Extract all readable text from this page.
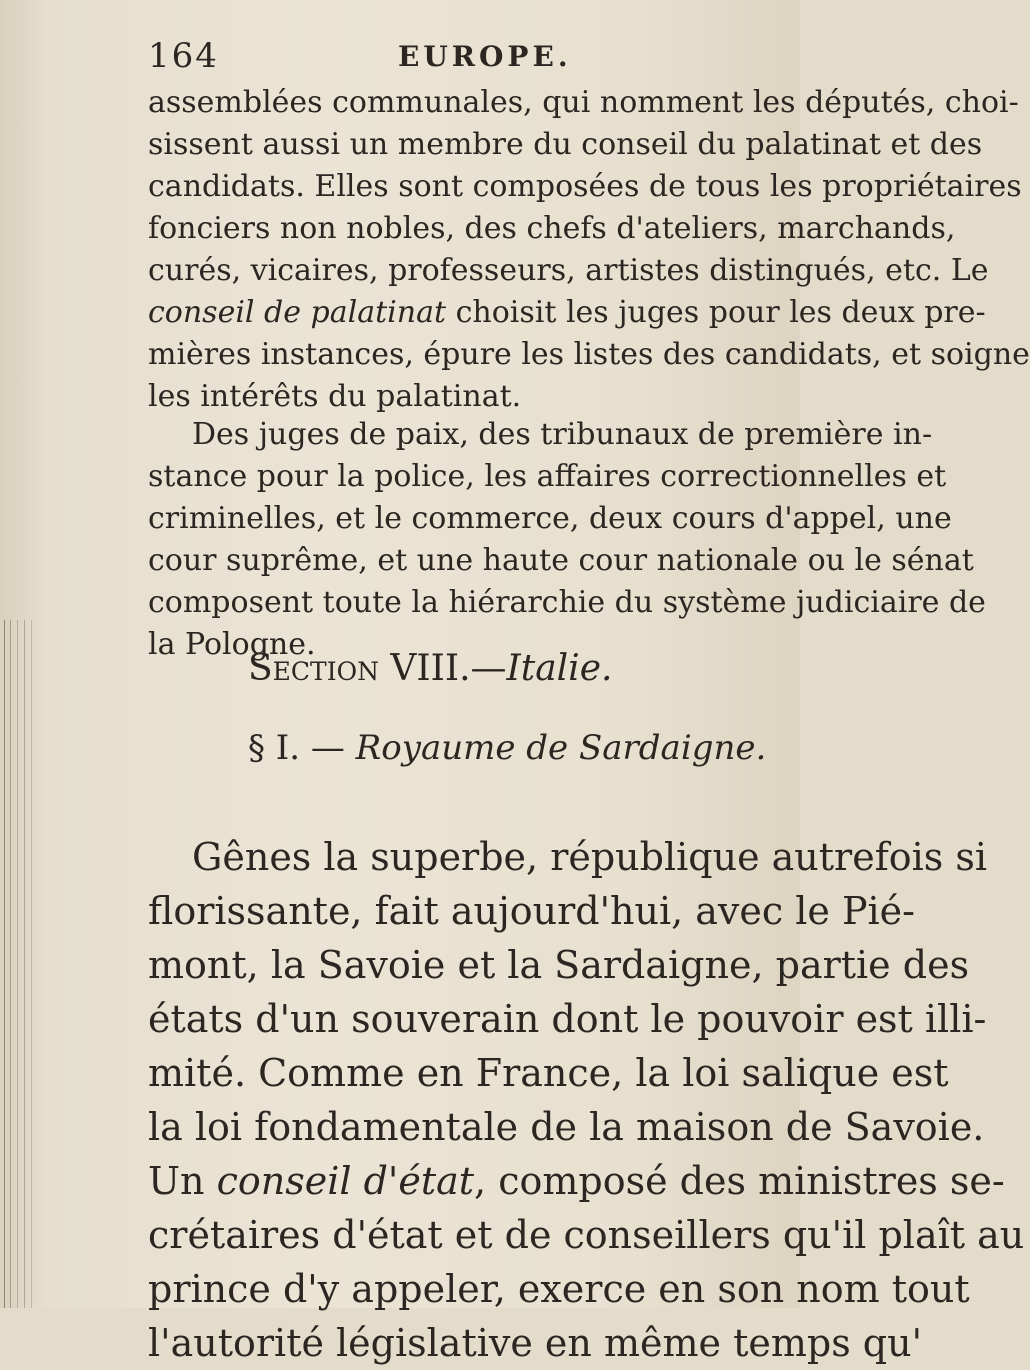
164	EUROPE.
assemblées communales, qui nomment les députés, choi-
sissent aussi un membre du conseil du palatinat et des
candidats. Elles sont composées de tous les propriétaires
fonciers non nobles, des chefs d'ateliers, marchands,
curés, vicaires, professeurs, artistes distingués, etc. Le
conseil de palatinat choisit les juges pour les deux pre-
mières instances, épure les listes des candidats, et soigne
les intérêts du palatinat.
Des juges de paix, des tribunaux de première in-
stance pour la police, les affaires correctionnelles et
criminelles, et le commerce, deux cours d'appel, une
cour suprême, et une haute cour nationale ou le sénat
composent toute la hiérarchie du système judiciaire de
la Pologne.
Section VIII.—Italie.
§ I. — Royaume de Sardaigne.
Gênes la superbe, république autrefois si
florissante, fait aujourd'hui, avec le Pié-
mont, la Savoie et la Sardaigne, partie des
états d'un souverain dont le pouvoir est illi-
mité. Comme en France, la loi salique est
la loi fondamentale de la maison de Savoie.
Un conseil d'état, composé des ministres se-
crétaires d'état et de conseillers qu'il plaît au
prince d'y appeler, exerce en son nom tout
l'autorité législative en même temps qu'
